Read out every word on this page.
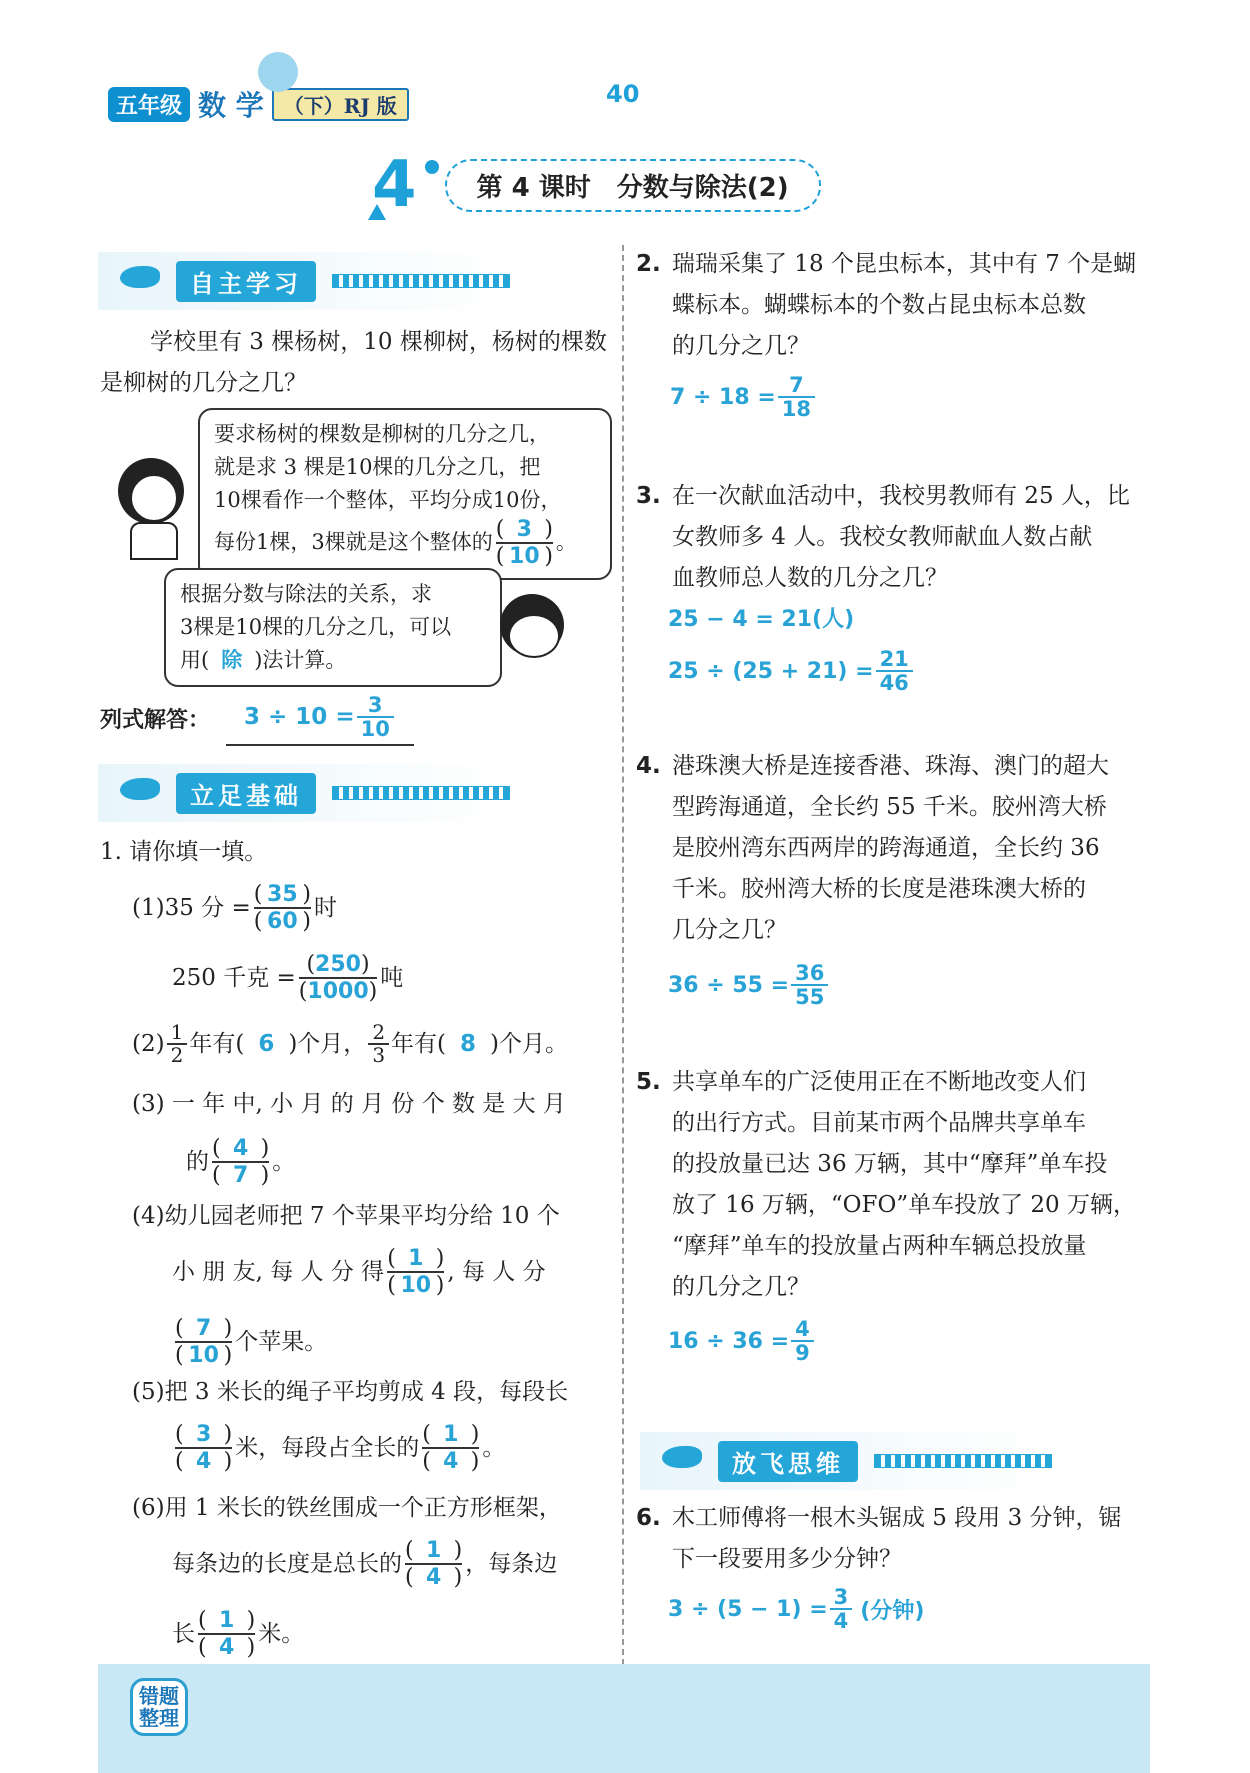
五年级 数 学	（下）RJ 版	40
4	第 4 课时　分数与除法(2)
自主学习
学校里有 3 棵杨树，10 棵柳树，杨树的棵数是柳树的几分之几？
要求杨树的棵数是柳树的几分之几，
就是求 3 棵是10棵的几分之几，把
10棵看作一个整体，平均分成10份，
每份1棵，3棵就是这个整体的 $\frac{( 3 )}{( 10 )}$ 。
根据分数与除法的关系，求
3棵是10棵的几分之几，可以
用( 除 )法计算。
列式解答： $3 \div 10 = \frac{3}{10}$
立足基础
1. 请你填一填。
(1)35 分 = $\frac{( 35 )}{( 60 )}$ 时
250 千克 = $\frac{(250)}{(1000)}$ 吨
$(2) \frac{1}{2}$ 年有( 6 )个月， $\frac{2}{3}$ 年有( 8 )个月。
(3) 一 年 中, 小 月 的 月 份 个 数 是 大 月
的
( 4 )
( 7 )
。
(4)幼儿园老师把 7 个苹果平均分给 10 个
小 朋 友, 每 人 分 得
( 1 )
( 10 )
, 每 人 分
( 7 )
( 10 )
个苹果。
(5)把 3 米长的绳子平均剪成 4 段，每段长
( 3 )
( 4 )
米，每段占全长的
( 1 )
( 4 )
。
(6)用 1 米长的铁丝围成一个正方形框架，
每条边的长度是总长的
( 1 )
( 4 )
，每条边
长
( 1 )
( 4 )
米。
2. 瑞瑞采集了 18 个昆虫标本，其中有 7 个是蝴
蝶标本。蝴蝶标本的个数占昆虫标本总数
的几分之几？
$7 \div 18 = \frac{7}{18}$
3. 在一次献血活动中，我校男教师有 25 人，比
女教师多 4 人。我校女教师献血人数占献
血教师总人数的几分之几？
25 − 4 = 21(人)
$25 \div (25 + 21) = \frac{21}{46}$
4. 港珠澳大桥是连接香港、珠海、澳门的超大
型跨海通道，全长约 55 千米。胶州湾大桥
是胶州湾东西两岸的跨海通道，全长约 36
千米。胶州湾大桥的长度是港珠澳大桥的
几分之几？
$36 \div 55 = \frac{36}{55}$
5. 共享单车的广泛使用正在不断地改变人们
的出行方式。目前某市两个品牌共享单车
的投放量已达 36 万辆，其中“摩拜”单车投
放了 16 万辆，“OFO”单车投放了 20 万辆，
“摩拜”单车的投放量占两种车辆总投放量
的几分之几？
$16 \div 36 = \frac{4}{9}$
放飞思维
6. 木工师傅将一根木头锯成 5 段用 3 分钟，锯
下一段要用多少分钟？
$3 \div (5 - 1) = \frac{3}{4}$ (分钟)
错题
整理
